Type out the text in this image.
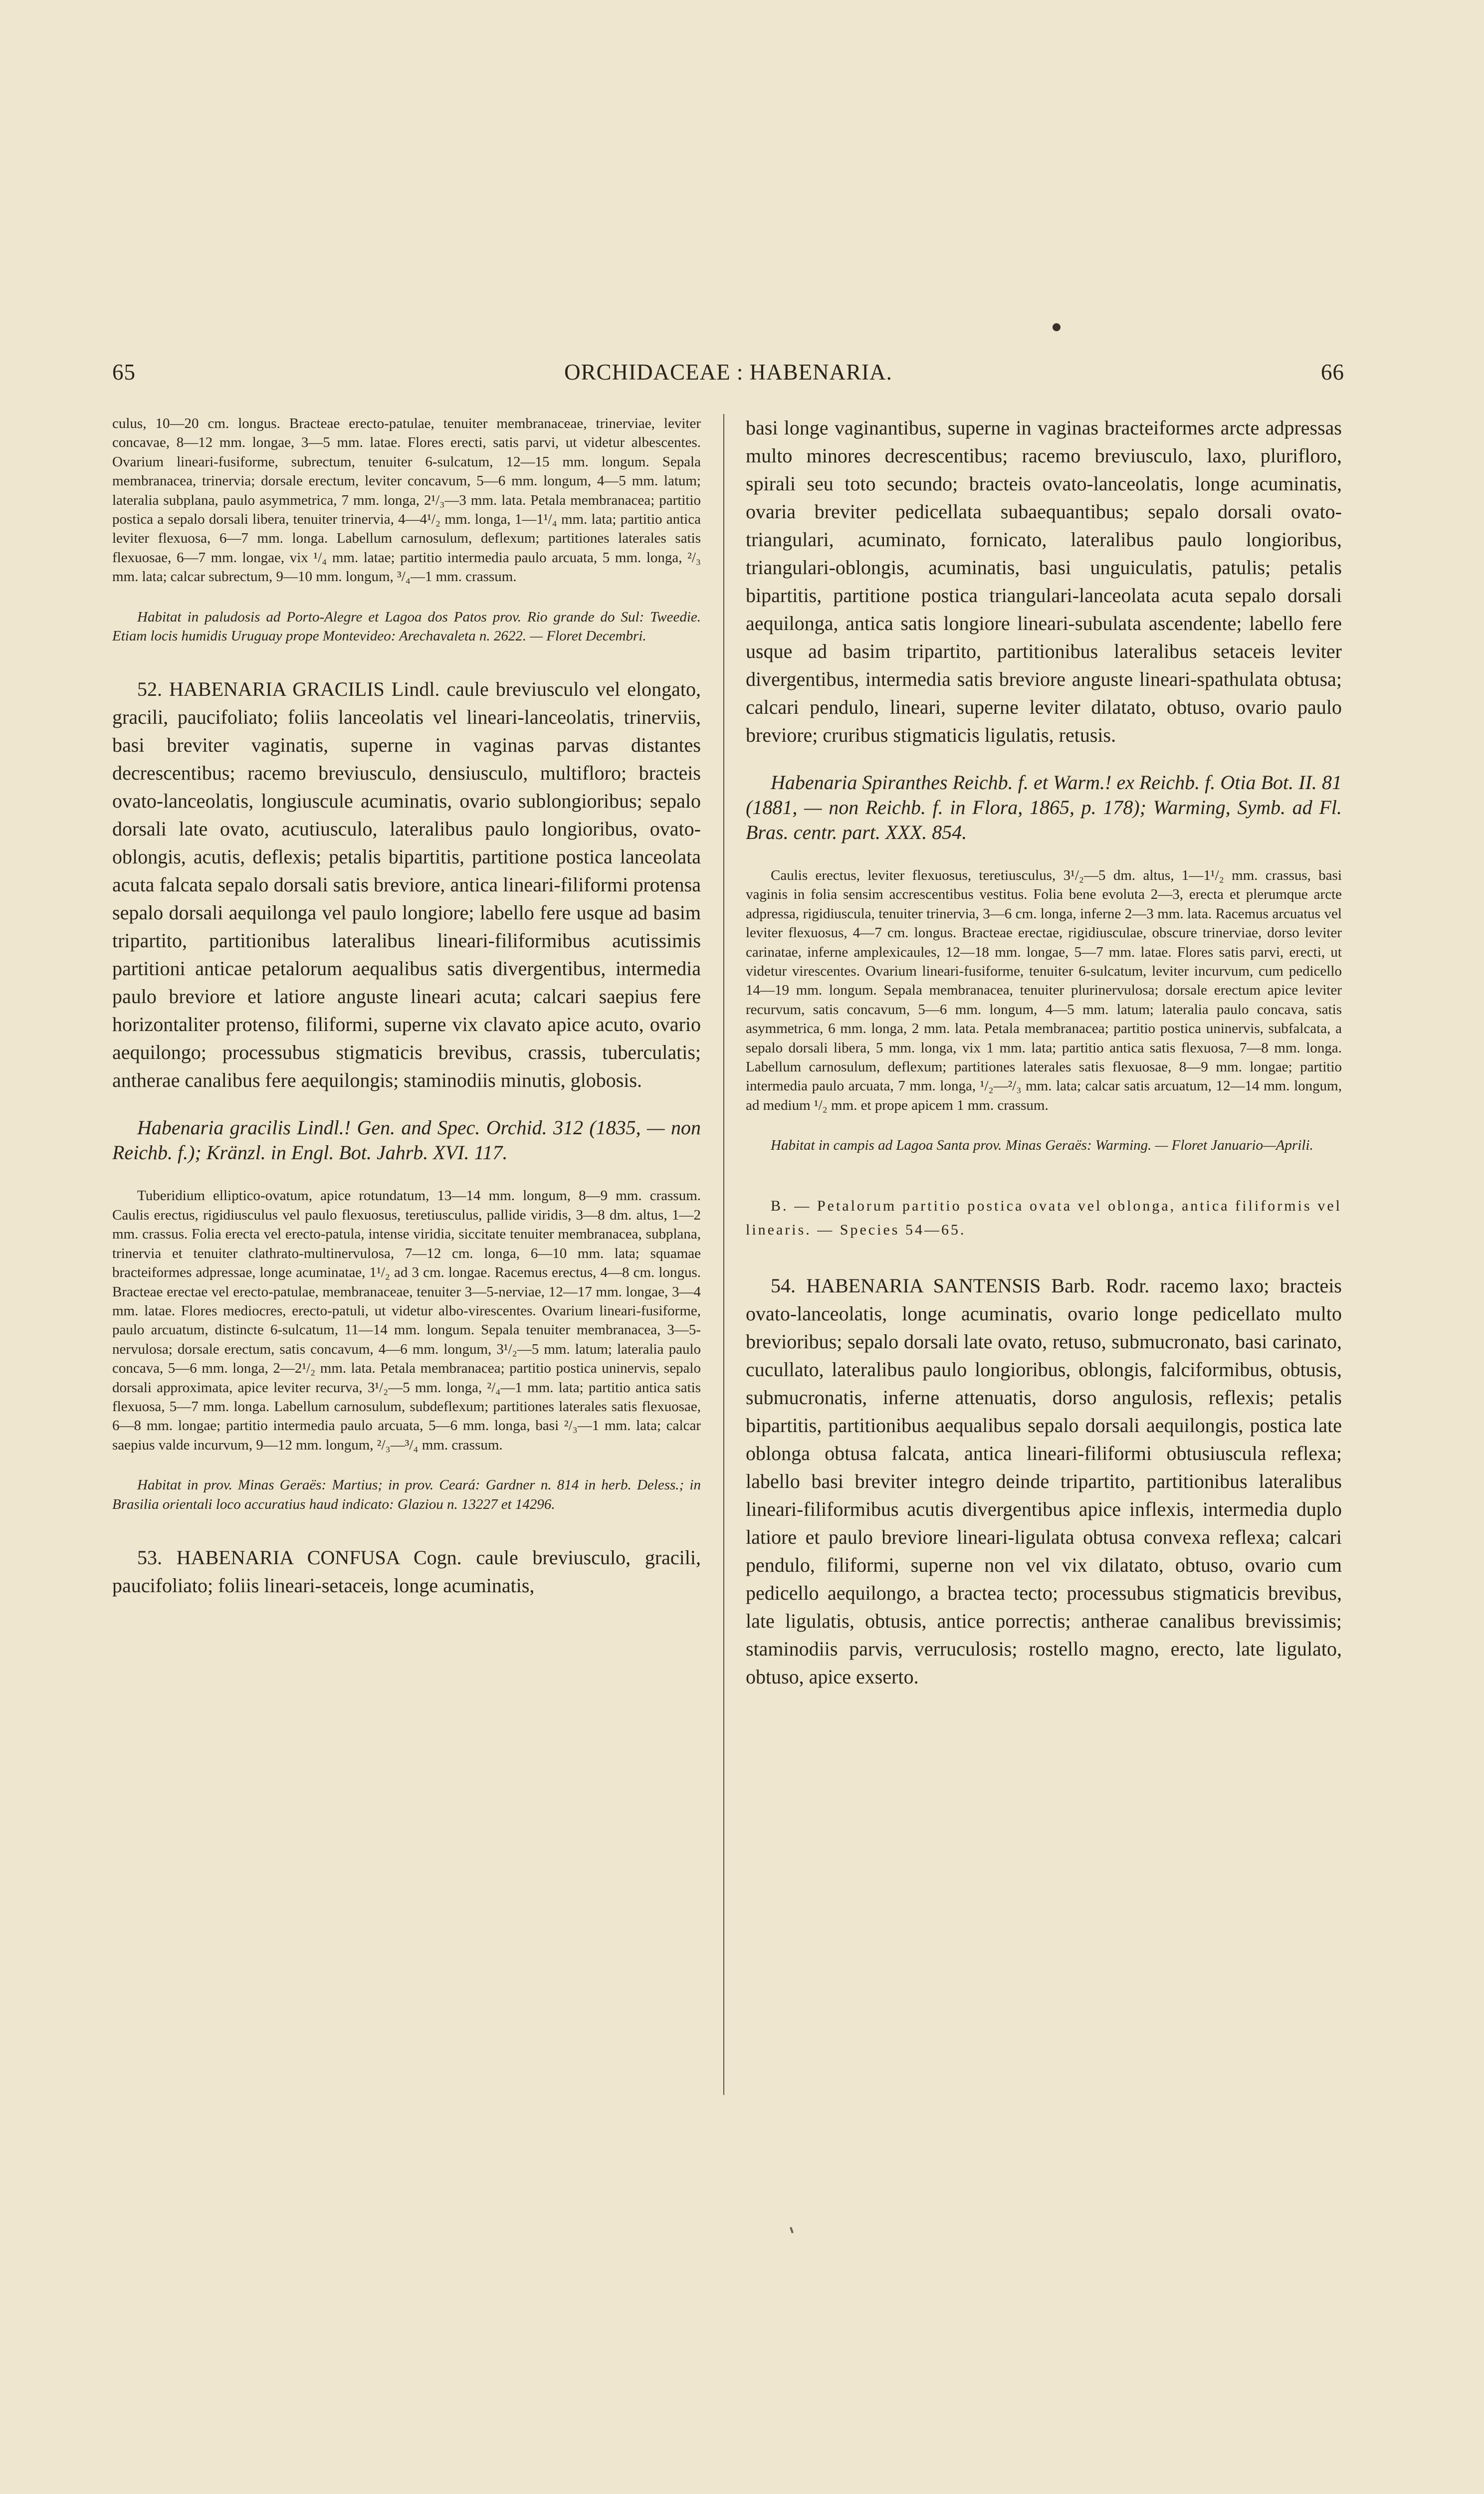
65	ORCHIDACEAE : HABENARIA.	66

culus, 10—20 cm. longus. Bracteae erecto-patulae, tenuiter membranaceae, trinerviae, leviter concavae, 8—12 mm. longae, 3—5 mm. latae. Flores erecti, satis parvi, ut videtur albescentes. Ovarium lineari-fusiforme, subrectum, tenuiter 6-sulcatum, 12—15 mm. longum. Sepala membranacea, trinervia; dorsale erectum, leviter concavum, 5—6 mm. longum, 4—5 mm. latum; lateralia subplana, paulo asymmetrica, 7 mm. longa, 2¹/₃—3 mm. lata. Petala membranacea; partitio postica a sepalo dorsali libera, tenuiter trinervia, 4—4¹/₂ mm. longa, 1—1¹/₄ mm. lata; partitio antica leviter flexuosa, 6—7 mm. longa. Labellum carnosulum, deflexum; partitiones laterales satis flexuosae, 6—7 mm. longae, vix ¹/₄ mm. latae; partitio intermedia paulo arcuata, 5 mm. longa, ²/₃ mm. lata; calcar subrectum, 9—10 mm. longum, ³/₄—1 mm. crassum.

Habitat in paludosis ad Porto-Alegre et Lagoa dos Patos prov. Rio grande do Sul: Tweedie. Etiam locis humidis Uruguay prope Montevideo: Arechavaleta n. 2622. — Floret Decembri.

52. HABENARIA GRACILIS Lindl. caule breviusculo vel elongato, gracili, paucifoliato; foliis lanceolatis vel lineari-lanceolatis, trinerviis, basi breviter vaginatis, superne in vaginas parvas distantes decrescentibus; racemo breviusculo, densiusculo, multifloro; bracteis ovato-lanceolatis, longiuscule acuminatis, ovario sublongioribus; sepalo dorsali late ovato, acutiusculo, lateralibus paulo longioribus, ovato-oblongis, acutis, deflexis; petalis bipartitis, partitione postica lanceolata acuta falcata sepalo dorsali satis breviore, antica lineari-filiformi protensa sepalo dorsali aequilonga vel paulo longiore; labello fere usque ad basim tripartito, partitionibus lateralibus lineari-filiformibus acutissimis partitioni anticae petalorum aequalibus satis divergentibus, intermedia paulo breviore et latiore anguste lineari acuta; calcari saepius fere horizontaliter protenso, filiformi, superne vix clavato apice acuto, ovario aequilongo; processubus stigmaticis brevibus, crassis, tuberculatis; antherae canalibus fere aequilongis; staminodiis minutis, globosis.

Habenaria gracilis Lindl.! Gen. and Spec. Orchid. 312 (1835, — non Reichb. f.); Kränzl. in Engl. Bot. Jahrb. XVI. 117.

Tuberidium elliptico-ovatum, apice rotundatum, 13—14 mm. longum, 8—9 mm. crassum. Caulis erectus, rigidiusculus vel paulo flexuosus, teretiusculus, pallide viridis, 3—8 dm. altus, 1—2 mm. crassus. Folia erecta vel erecto-patula, intense viridia, siccitate tenuiter membranacea, subplana, trinervia et tenuiter clathrato-multinervulosa, 7—12 cm. longa, 6—10 mm. lata; squamae bracteiformes adpressae, longe acuminatae, 1¹/₂ ad 3 cm. longae. Racemus erectus, 4—8 cm. longus. Bracteae erectae vel erecto-patulae, membranaceae, tenuiter 3—5-nerviae, 12—17 mm. longae, 3—4 mm. latae. Flores mediocres, erecto-patuli, ut videtur albo-virescentes. Ovarium lineari-fusiforme, paulo arcuatum, distincte 6-sulcatum, 11—14 mm. longum. Sepala tenuiter membranacea, 3—5-nervulosa; dorsale erectum, satis concavum, 4—6 mm. longum, 3¹/₂—5 mm. latum; lateralia paulo concava, 5—6 mm. longa, 2—2¹/₂ mm. lata. Petala membranacea; partitio postica uninervis, sepalo dorsali approximata, apice leviter recurva, 3¹/₂—5 mm. longa, ²/₄—1 mm. lata; partitio antica satis flexuosa, 5—7 mm. longa. Labellum carnosulum, subdeflexum; partitiones laterales satis flexuosae, 6—8 mm. longae; partitio intermedia paulo arcuata, 5—6 mm. longa, basi ²/₃—1 mm. lata; calcar saepius valde incurvum, 9—12 mm. longum, ²/₃—³/₄ mm. crassum.

Habitat in prov. Minas Geraës: Martius; in prov. Ceará: Gardner n. 814 in herb. Deless.; in Brasilia orientali loco accuratius haud indicato: Glaziou n. 13227 et 14296.

53. HABENARIA CONFUSA Cogn. caule breviusculo, gracili, paucifoliato; foliis lineari-setaceis, longe acuminatis,

basi longe vaginantibus, superne in vaginas bracteiformes arcte adpressas multo minores decrescentibus; racemo breviusculo, laxo, plurifloro, spirali seu toto secundo; bracteis ovato-lanceolatis, longe acuminatis, ovaria breviter pedicellata subaequantibus; sepalo dorsali ovato-triangulari, acuminato, fornicato, lateralibus paulo longioribus, triangulari-oblongis, acuminatis, basi unguiculatis, patulis; petalis bipartitis, partitione postica triangulari-lanceolata acuta sepalo dorsali aequilonga, antica satis longiore lineari-subulata ascendente; labello fere usque ad basim tripartito, partitionibus lateralibus setaceis leviter divergentibus, intermedia satis breviore anguste lineari-spathulata obtusa; calcari pendulo, lineari, superne leviter dilatato, obtuso, ovario paulo breviore; cruribus stigmaticis ligulatis, retusis.

Habenaria Spiranthes Reichb. f. et Warm.! ex Reichb. f. Otia Bot. II. 81 (1881, — non Reichb. f. in Flora, 1865, p. 178); Warming, Symb. ad Fl. Bras. centr. part. XXX. 854.

Caulis erectus, leviter flexuosus, teretiusculus, 3¹/₂—5 dm. altus, 1—1¹/₂ mm. crassus, basi vaginis in folia sensim accrescentibus vestitus. Folia bene evoluta 2—3, erecta et plerumque arcte adpressa, rigidiuscula, tenuiter trinervia, 3—6 cm. longa, inferne 2—3 mm. lata. Racemus arcuatus vel leviter flexuosus, 4—7 cm. longus. Bracteae erectae, rigidiusculae, obscure trinerviae, dorso leviter carinatae, inferne amplexicaules, 12—18 mm. longae, 5—7 mm. latae. Flores satis parvi, erecti, ut videtur virescentes. Ovarium lineari-fusiforme, tenuiter 6-sulcatum, leviter incurvum, cum pedicello 14—19 mm. longum. Sepala membranacea, tenuiter plurinervulosa; dorsale erectum apice leviter recurvum, satis concavum, 5—6 mm. longum, 4—5 mm. latum; lateralia paulo concava, satis asymmetrica, 6 mm. longa, 2 mm. lata. Petala membranacea; partitio postica uninervis, subfalcata, a sepalo dorsali libera, 5 mm. longa, vix 1 mm. lata; partitio antica satis flexuosa, 7—8 mm. longa. Labellum carnosulum, deflexum; partitiones laterales satis flexuosae, 8—9 mm. longae; partitio intermedia paulo arcuata, 7 mm. longa, ¹/₂—²/₃ mm. lata; calcar satis arcuatum, 12—14 mm. longum, ad medium ¹/₂ mm. et prope apicem 1 mm. crassum.

Habitat in campis ad Lagoa Santa prov. Minas Geraës: Warming. — Floret Januario—Aprili.

B. — Petalorum partitio postica ovata vel oblonga, antica filiformis vel linearis. — Species 54—65.

54. HABENARIA SANTENSIS Barb. Rodr. racemo laxo; bracteis ovato-lanceolatis, longe acuminatis, ovario longe pedicellato multo brevioribus; sepalo dorsali late ovato, retuso, submucronato, basi carinato, cucullato, lateralibus paulo longioribus, oblongis, falciformibus, obtusis, submucronatis, inferne attenuatis, dorso angulosis, reflexis; petalis bipartitis, partitionibus aequalibus sepalo dorsali aequilongis, postica late oblonga obtusa falcata, antica lineari-filiformi obtusiuscula reflexa; labello basi breviter integro deinde tripartito, partitionibus lateralibus lineari-filiformibus acutis divergentibus apice inflexis, intermedia duplo latiore et paulo breviore lineari-ligulata obtusa convexa reflexa; calcari pendulo, filiformi, superne non vel vix dilatato, obtuso, ovario cum pedicello aequilongo, a bractea tecto; processubus stigmaticis brevibus, late ligulatis, obtusis, antice porrectis; antherae canalibus brevissimis; staminodiis parvis, verruculosis; rostello magno, erecto, late ligulato, obtuso, apice exserto.
